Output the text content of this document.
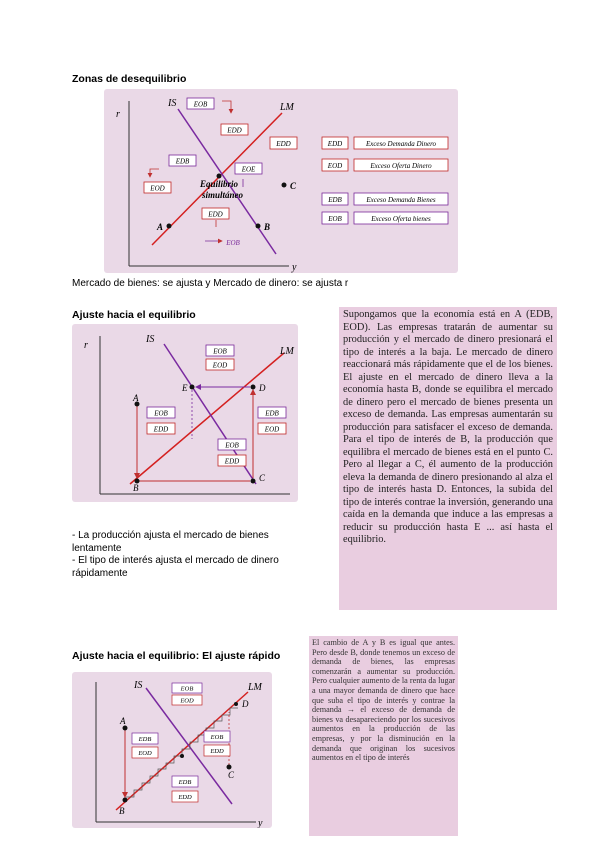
Zonas de desequilibrio
r
y
IS	LM
A	B
C
Equilibrio
simultáneo
EOB
EDD
EDD
EDB
EOE
EOD
EDD
EOB
EDD	Exceso Demanda Dinero
EOD	Exceso Oferta Dinero
EDB	Exceso Demanda Bienes
EOB	Exceso Oferta bienes
Mercado de bienes: se ajusta y Mercado de dinero: se ajusta r
Ajuste hacia el equilibrio
r
IS
LM
A
B
C
D
E
EOB
EOD
EOB
EDD
EDB
EOD
EOB
EDD
- La producción ajusta el mercado de bienes lentamente
- El tipo de interés ajusta el mercado de dinero rápidamente
Supongamos que la economía está en A (EDB, EOD). Las empresas tratarán de aumentar su producción y el mercado de dinero presionará el tipo de interés a la baja. Le mercado de dinero reaccionará más rápidamente que el de los bienes. El ajuste en el mercado de dinero lleva a la economía hasta B, donde se equilibra el mercado de dinero pero el mercado de bienes presenta un exceso de demanda. Las empresas aumentarán su producción para satisfacer el exceso de demanda. Para el tipo de interés de B, la producción que equilibra el mercado de bienes está en el punto C. Pero al llegar a C, él aumento de la producción eleva la demanda de dinero presionando al alza el tipo de interés hasta D. Entonces, la subida del tipo de interés contrae la inversión, generando una caída en la demanda que induce a las empresas a reducir su producción hasta E ... así hasta el equilibrio.
Ajuste hacia el equilibrio: El ajuste rápido
y
IS	LM
A
B
C
D
EOB
EOD
EDB
EOD
EOB
EDD
EDB
EDD
El cambio de A y B es igual que antes. Pero desde B, donde tenemos un exceso de demanda de bienes, las empresas comenzarán a aumentar su producción. Pero cualquier aumento de la renta da lugar a una mayor demanda de dinero que hace que suba el tipo de interés y contrae la demanda → el exceso de demanda de bienes va desapareciendo por los sucesivos aumentos en la producción de las empresas, y por la disminución en la demanda que originan los sucesivos aumentos en el tipo de interés
